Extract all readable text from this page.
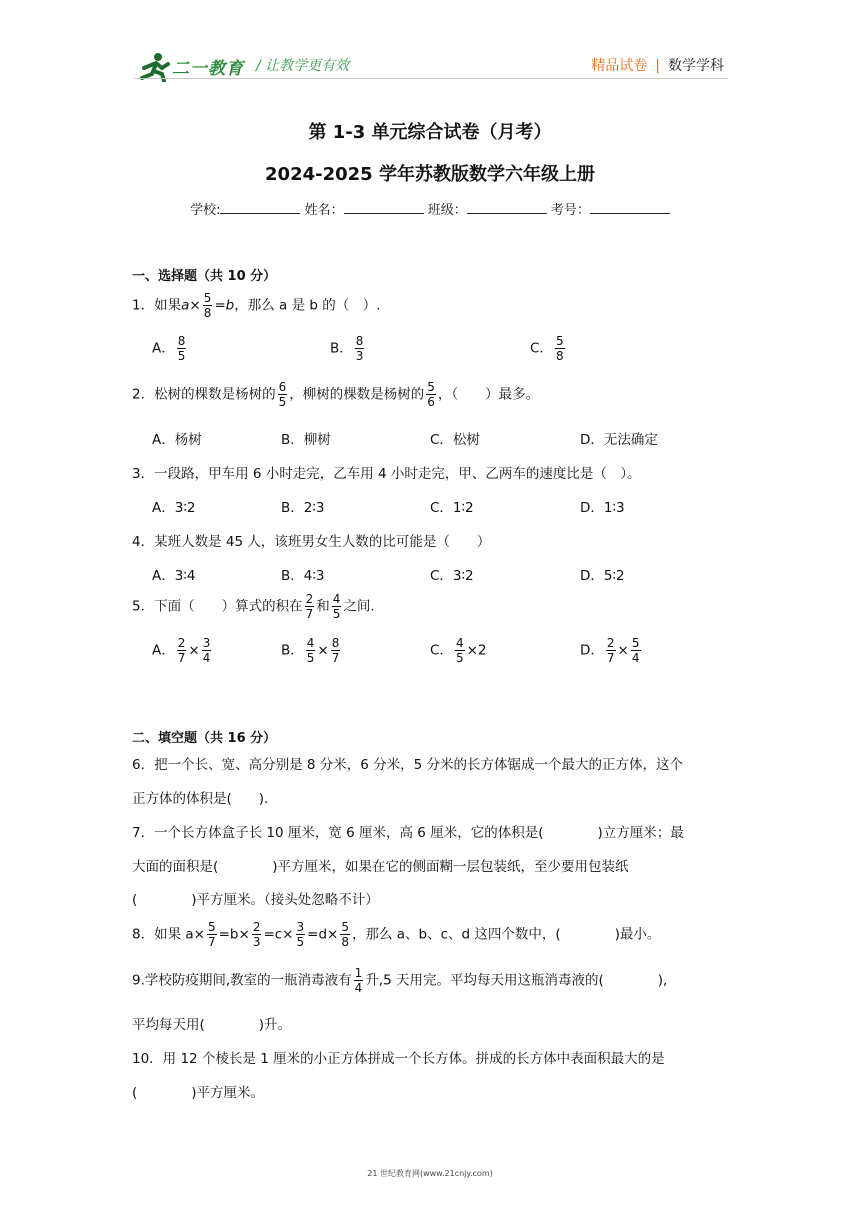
二一教育 / 让教学更有效	精品试卷 | 数学学科
第 1-3 单元综合试卷（月考）
2024-2025 学年苏教版数学六年级上册
学校:	姓名：	班级：	考号：
一、选择题（共 10 分）
1．如果$a\times \frac{5}{8} =b$，那么 a 是 b 的（　）.
A． $\frac{8}{5}$	B． $\frac{8}{3}$	C． $\frac{5}{8}$
2．松树的棵数是杨树的 $\frac{6}{5}$ ，柳树的棵数是杨树的 $\frac{5}{6}$ ，（　　）最多。
A．杨树	B．柳树	C．松树	D．无法确定
3．一段路，甲车用 6 小时走完，乙车用 4 小时走完，甲、乙两车的速度比是（　）。
A．3∶2	B．2∶3	C．1∶2	D．1∶3
4．某班人数是 45 人，该班男女生人数的比可能是（　　）
A．3∶4	B．4∶3	C．3∶2	D．5∶2
5．下面（　　）算式的积在 $\frac{2}{7}$ 和 $\frac{4}{5}$ 之间.
A． $\frac{2}{7} \times \frac{3}{4}$	B． $\frac{4}{5} \times \frac{8}{7}$	C． $\frac{4}{5} \times 2$	D． $\frac{2}{7} \times \frac{5}{4}$
二、填空题（共 16 分）
6．把一个长、宽、高分别是 8 分米，6 分米，5 分米的长方体锯成一个最大的正方体，这个
正方体的体积是(　　).
7．一个长方体盒子长 10 厘米，宽 6 厘米，高 6 厘米，它的体积是(　　　　)立方厘米；最
大面的面积是(　　　　)平方厘米，如果在它的侧面糊一层包装纸，至少要用包装纸
(　　　　)平方厘米。（接头处忽略不计）
8．如果 $a\times \frac{5}{7} =b\times \frac{2}{3} =c\times \frac{3}{5} =d\times \frac{5}{8}$ ，那么 a、b、c、d 这四个数中，(　　　　)最小。
9.学校防疫期间,教室的一瓶消毒液有 $\frac{1}{4}$ 升,5 天用完。平均每天用这瓶消毒液的(　　　　),
平均每天用(　　　　)升。
10．用 12 个棱长是 1 厘米的小正方体拼成一个长方体。拼成的长方体中表面积最大的是
(　　　　)平方厘米。
21 世纪教育网(www.21cnjy.com)
